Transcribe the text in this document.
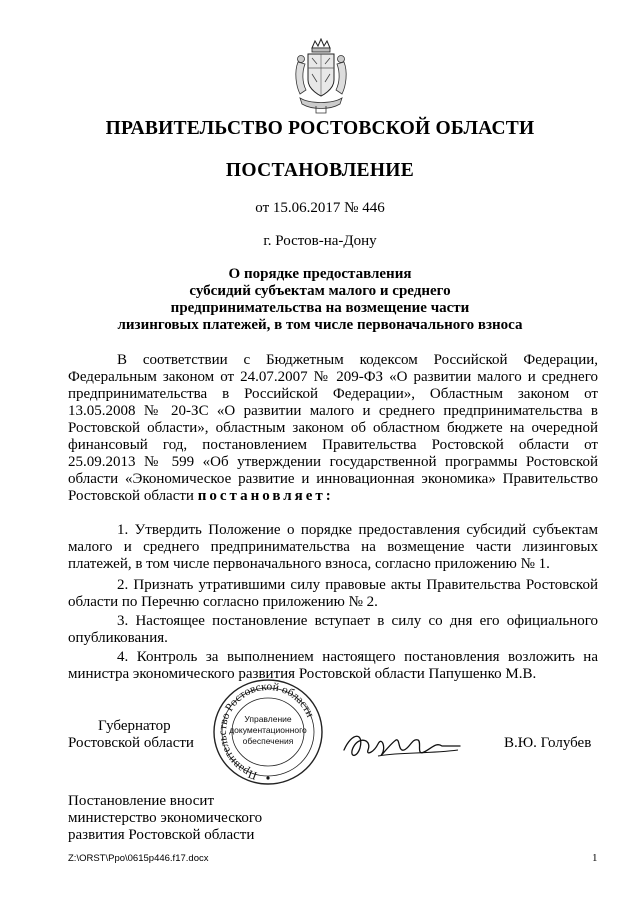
ПРАВИТЕЛЬСТВО РОСТОВСКОЙ ОБЛАСТИ
ПОСТАНОВЛЕНИЕ
от 15.06.2017 № 446
г. Ростов-на-Дону
О порядке предоставления
субсидий субъектам малого и среднего
предпринимательства на возмещение части
лизинговых платежей, в том числе первоначального взноса
В соответствии с Бюджетным кодексом Российской Федерации, Федеральным законом от 24.07.2007 № 209-ФЗ «О развитии малого и среднего предпринимательства в Российской Федерации», Областным законом от 13.05.2008 № 20-ЗС «О развитии малого и среднего предпринимательства в Ростовской области», областным законом об областном бюджете на очередной финансовый год, постановлением Правительства Ростовской области от 25.09.2013 № 599 «Об утверждении государственной программы Ростовской области «Экономическое развитие и инновационная экономика» Правительство Ростовской области постановляет:
1. Утвердить Положение о порядке предоставления субсидий субъектам малого и среднего предпринимательства на возмещение части лизинговых платежей, в том числе первоначального взноса, согласно приложению № 1.
2. Признать утратившими силу правовые акты Правительства Ростовской области по Перечню согласно приложению № 2.
3. Настоящее постановление вступает в силу со дня его официального опубликования.
4. Контроль за выполнением настоящего постановления возложить на министра экономического развития Ростовской области Папушенко М.В.
Губернатор
Ростовской области
Правительство Ростовской области
Управление
документационного
обеспечения	В.Ю. Голубев
Постановление вносит
министерство экономического
развития Ростовской области
Z:\ORST\Ppo\0615p446.f17.docx	1
